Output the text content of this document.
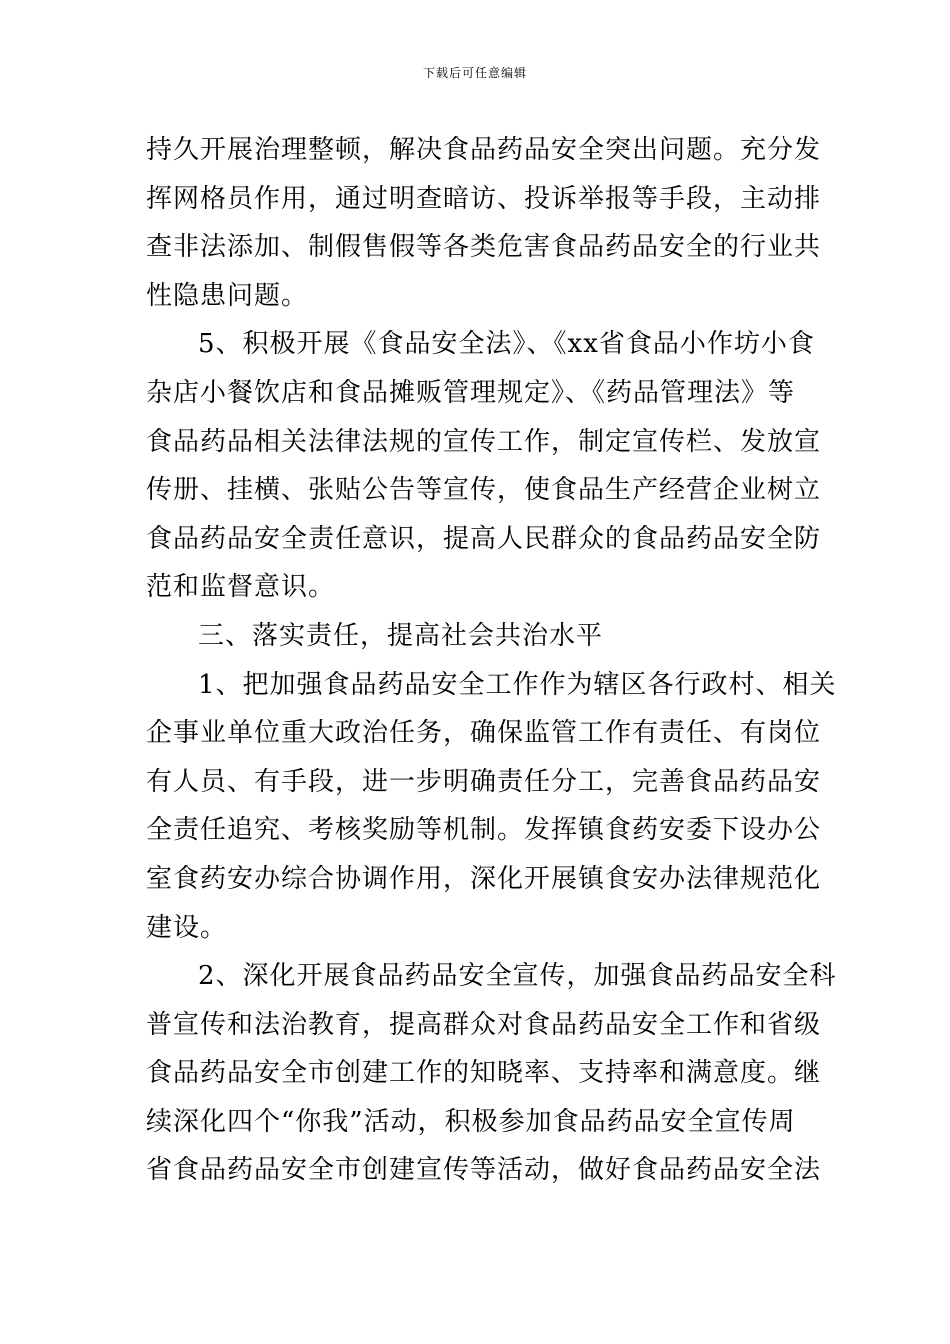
下载后可任意编辑
持久开展治理整顿，解决食品药品安全突出问题。充分发
挥网格员作用，通过明查暗访、投诉举报等手段，主动排
查非法添加、制假售假等各类危害食品药品安全的行业共
性隐患问题。
5、积极开展《食品安全法》、《xx省食品小作坊小食
杂店小餐饮店和食品摊贩管理规定》、《药品管理法》等
食品药品相关法律法规的宣传工作，制定宣传栏、发放宣
传册、挂横、张贴公告等宣传，使食品生产经营企业树立
食品药品安全责任意识，提高人民群众的食品药品安全防
范和监督意识。
三、落实责任，提高社会共治水平
1、把加强食品药品安全工作作为辖区各行政村、相关
企事业单位重大政治任务，确保监管工作有责任、有岗位
有人员、有手段，进一步明确责任分工，完善食品药品安
全责任追究、考核奖励等机制。发挥镇食药安委下设办公
室食药安办综合协调作用，深化开展镇食安办法律规范化
建设。
2、深化开展食品药品安全宣传，加强食品药品安全科
普宣传和法治教育，提高群众对食品药品安全工作和省级
食品药品安全市创建工作的知晓率、支持率和满意度。继
续深化四个“你我”活动，积极参加食品药品安全宣传周
省食品药品安全市创建宣传等活动，做好食品药品安全法
